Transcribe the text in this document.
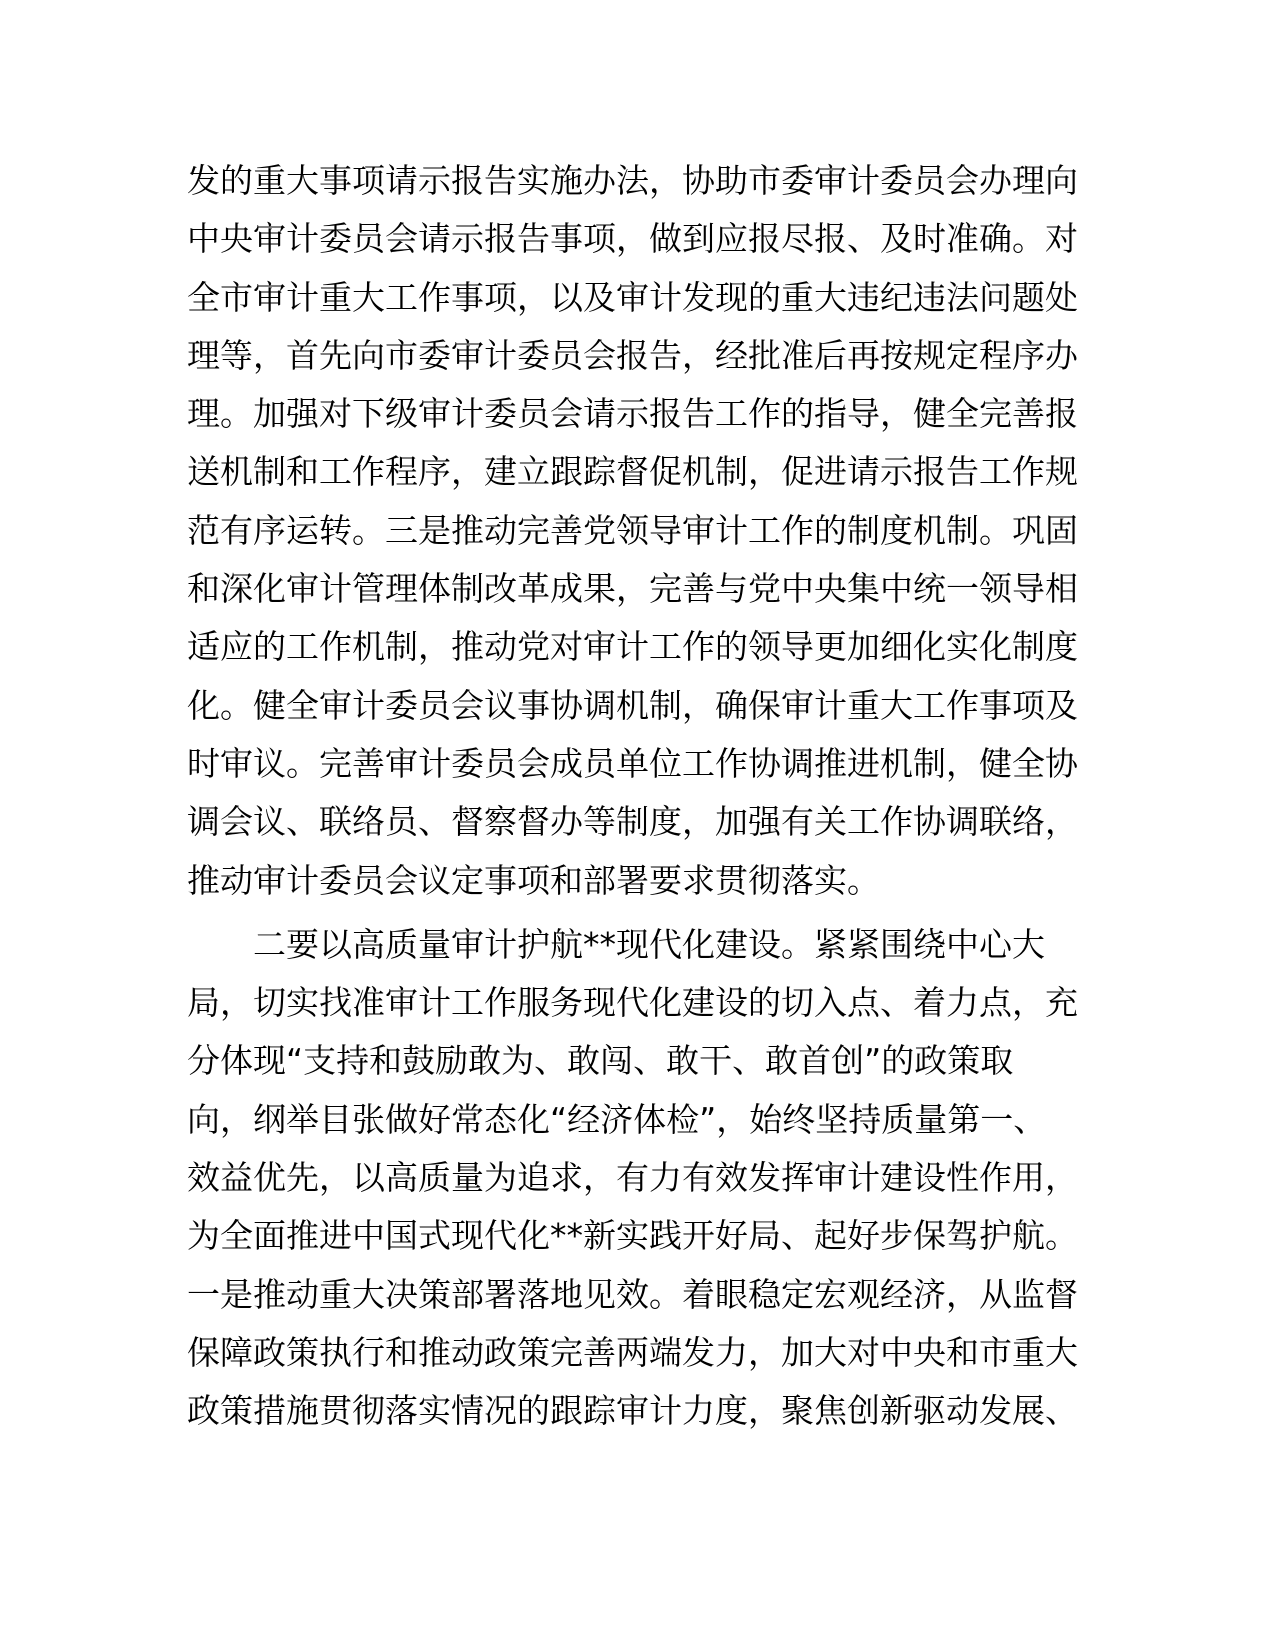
发的重大事项请示报告实施办法，协助市委审计委员会办理向
中央审计委员会请示报告事项，做到应报尽报、及时准确。对
全市审计重大工作事项，以及审计发现的重大违纪违法问题处
理等，首先向市委审计委员会报告，经批准后再按规定程序办
理。加强对下级审计委员会请示报告工作的指导，健全完善报
送机制和工作程序，建立跟踪督促机制，促进请示报告工作规
范有序运转。三是推动完善党领导审计工作的制度机制。巩固
和深化审计管理体制改革成果，完善与党中央集中统一领导相
适应的工作机制，推动党对审计工作的领导更加细化实化制度
化。健全审计委员会议事协调机制，确保审计重大工作事项及
时审议。完善审计委员会成员单位工作协调推进机制，健全协
调会议、联络员、督察督办等制度，加强有关工作协调联络，
推动审计委员会议定事项和部署要求贯彻落实。

　　二要以高质量审计护航**现代化建设。紧紧围绕中心大
局，切实找准审计工作服务现代化建设的切入点、着力点，充
分体现“支持和鼓励敢为、敢闯、敢干、敢首创”的政策取
向，纲举目张做好常态化“经济体检”，始终坚持质量第一、
效益优先，以高质量为追求，有力有效发挥审计建设性作用，
为全面推进中国式现代化**新实践开好局、起好步保驾护航。
一是推动重大决策部署落地见效。着眼稳定宏观经济，从监督
保障政策执行和推动政策完善两端发力，加大对中央和市重大
政策措施贯彻落实情况的跟踪审计力度，聚焦创新驱动发展、
